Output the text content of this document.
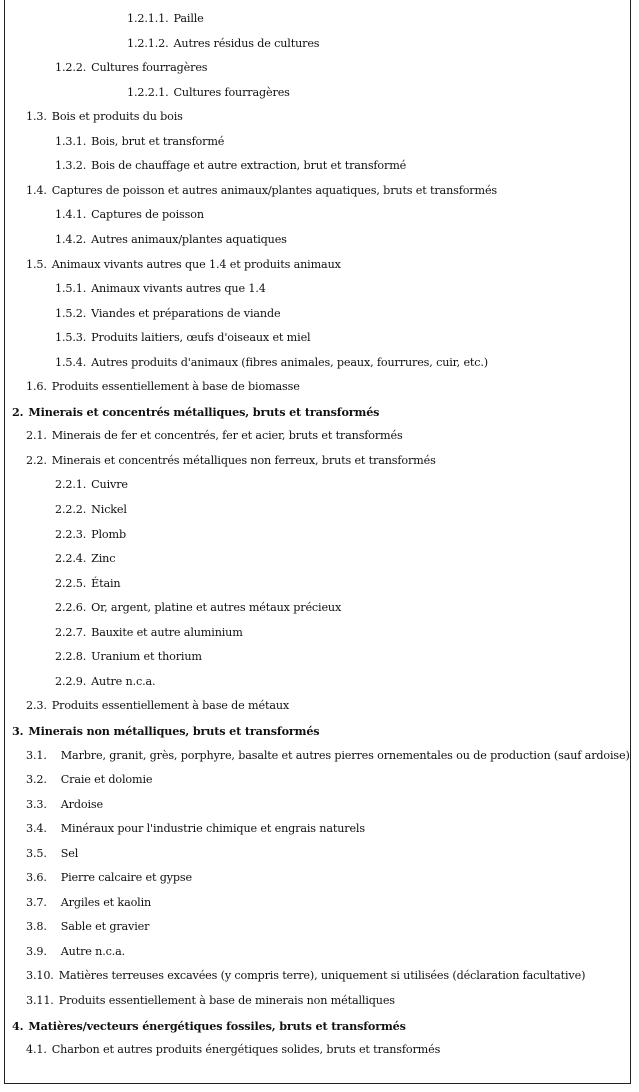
1.2.1.1. Paille
1.2.1.2. Autres résidus de cultures
1.2.2. Cultures fourragères
1.2.2.1. Cultures fourragères
1.3. Bois et produits du bois
1.3.1. Bois, brut et transformé
1.3.2. Bois de chauffage et autre extraction, brut et transformé
1.4. Captures de poisson et autres animaux/plantes aquatiques, bruts et transformés
1.4.1. Captures de poisson
1.4.2. Autres animaux/plantes aquatiques
1.5. Animaux vivants autres que 1.4 et produits animaux
1.5.1. Animaux vivants autres que 1.4
1.5.2. Viandes et préparations de viande
1.5.3. Produits laitiers, œufs d'oiseaux et miel
1.5.4. Autres produits d'animaux (fibres animales, peaux, fourrures, cuir, etc.)
1.6. Produits essentiellement à base de biomasse
2. Minerais et concentrés métalliques, bruts et transformés
2.1. Minerais de fer et concentrés, fer et acier, bruts et transformés
2.2. Minerais et concentrés métalliques non ferreux, bruts et transformés
2.2.1. Cuivre
2.2.2. Nickel
2.2.3. Plomb
2.2.4. Zinc
2.2.5. Étain
2.2.6. Or, argent, platine et autres métaux précieux
2.2.7. Bauxite et autre aluminium
2.2.8. Uranium et thorium
2.2.9. Autre n.c.a.
2.3. Produits essentiellement à base de métaux
3. Minerais non métalliques, bruts et transformés
3.1. Marbre, granit, grès, porphyre, basalte et autres pierres ornementales ou de production (sauf ardoise)
3.2. Craie et dolomie
3.3. Ardoise
3.4. Minéraux pour l'industrie chimique et engrais naturels
3.5. Sel
3.6. Pierre calcaire et gypse
3.7. Argiles et kaolin
3.8. Sable et gravier
3.9. Autre n.c.a.
3.10. Matières terreuses excavées (y compris terre), uniquement si utilisées (déclaration facultative)
3.11. Produits essentiellement à base de minerais non métalliques
4. Matières/vecteurs énergétiques fossiles, bruts et transformés
4.1. Charbon et autres produits énergétiques solides, bruts et transformés
